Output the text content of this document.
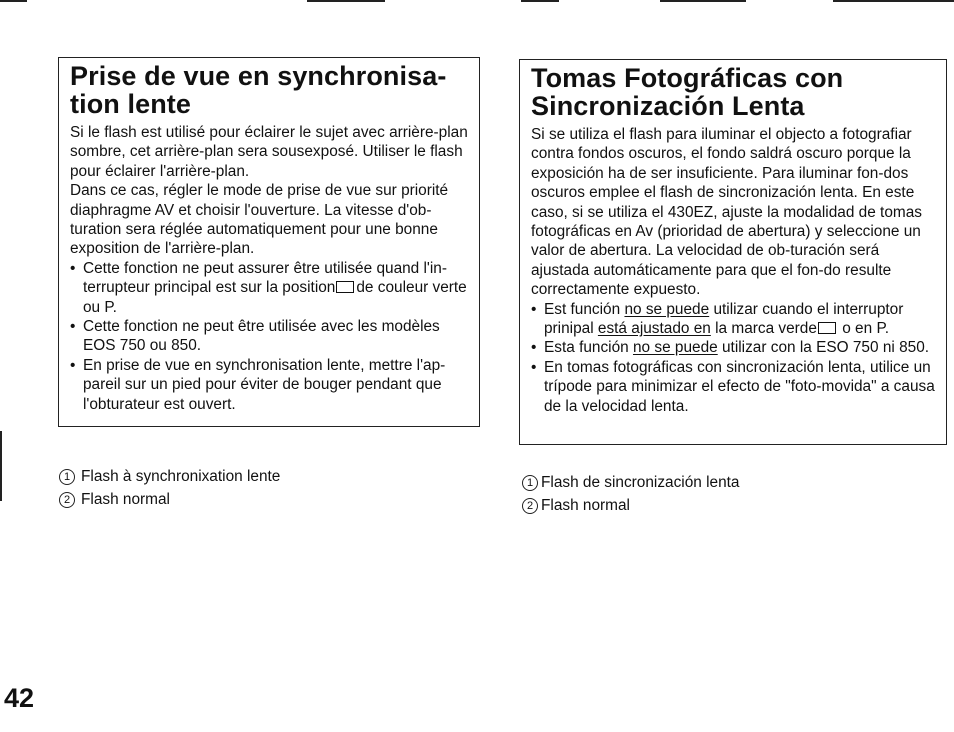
Prise de vue en synchronisa-
tion lente

Si le flash est utilisé pour éclairer le sujet avec arrière-plan sombre, cet arrière-plan sera sousexposé. Utiliser le flash pour éclairer l'arrière-plan.

Dans ce cas, régler le mode de prise de vue sur priorité diaphragme AV et choisir l'ouverture. La vitesse d'ob-turation sera réglée automatiquement pour une bonne exposition de l'arrière-plan.

• Cette fonction ne peut assurer être utilisée quand l'in-terrupteur principal est sur la position de couleur verte ou P.
• Cette fonction ne peut être utilisée avec les modèles EOS 750 ou 850.
• En prise de vue en synchronisation lente, mettre l'ap-pareil sur un pied pour éviter de bouger pendant que l'obturateur est ouvert.
Tomas Fotográficas con
Sincronización Lenta

Si se utiliza el flash para iluminar el objecto a fotografiar contra fondos oscuros, el fondo saldrá oscuro porque la exposición ha de ser insuficiente. Para iluminar fon-dos oscuros emplee el flash de sincronización lenta. En este caso, si se utiliza el 430EZ, ajuste la modalidad de tomas fotográficas en Av (prioridad de abertura) y seleccione un valor de abertura. La velocidad de ob-turación será ajustada automáticamente para que el fon-do resulte correctamente expuesto.

• Est función no se puede utilizar cuando el interruptor prinipal está ajustado en la marca verde o en P.
• Esta función no se puede utilizar con la ESO 750 ni 850.
• En tomas fotográficas con sincronización lenta, utilice un trípode para minimizar el efecto de "foto-movida" a causa de la velocidad lenta.
1 Flash à synchronixation lente
2 Flash normal
1 Flash de sincronización lenta
2 Flash normal
42
